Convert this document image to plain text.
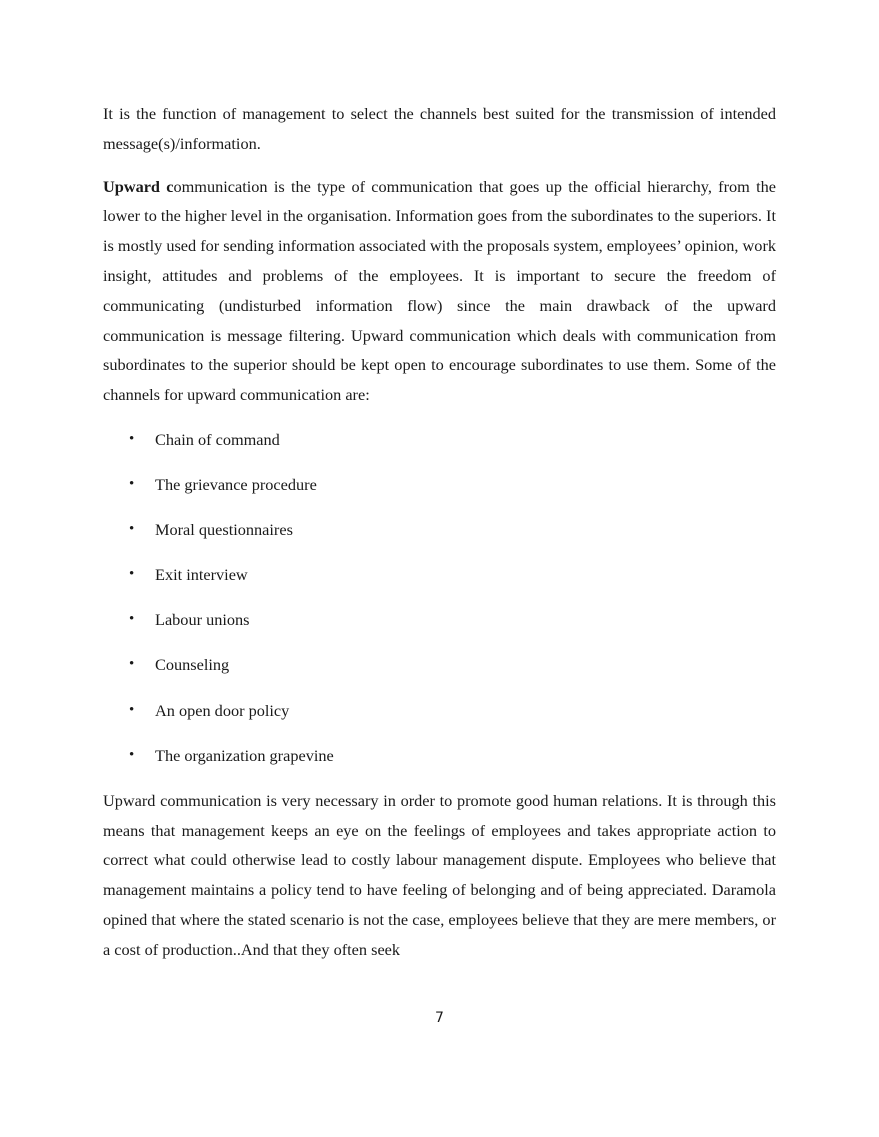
It is the function of management to select the channels best suited for the transmission of intended message(s)/information.

Upward communication is the type of communication that goes up the official hierarchy, from the lower to the higher level in the organisation. Information goes from the subordinates to the superiors. It is mostly used for sending information associated with the proposals system, employees’ opinion, work insight, attitudes and problems of the employees. It is important to secure the freedom of communicating (undisturbed information flow) since the main drawback of the upward communication is message filtering. Upward communication which deals with communication from subordinates to the superior should be kept open to encourage subordinates to use them. Some of the channels for upward communication are:

• Chain of command
• The grievance procedure
• Moral questionnaires
• Exit interview
• Labour unions
• Counseling
• An open door policy
• The organization grapevine

Upward communication is very necessary in order to promote good human relations. It is through this means that management keeps an eye on the feelings of employees and takes appropriate action to correct what could otherwise lead to costly labour management dispute. Employees who believe that management maintains a policy tend to have feeling of belonging and of being appreciated. Daramola opined that where the stated scenario is not the case, employees believe that they are mere members, or a cost of production..And that they often seek

7
